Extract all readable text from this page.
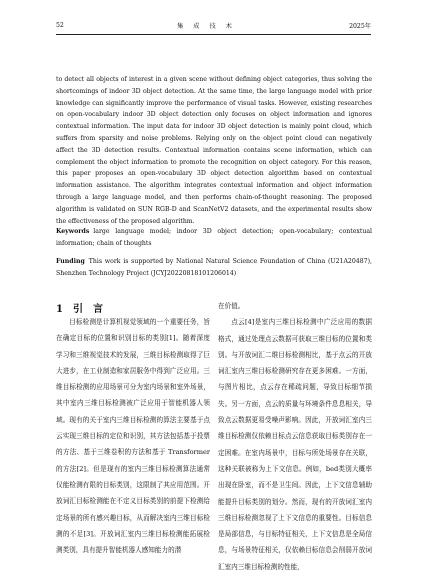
52	集 成 技 术	2025年
to detect all objects of interest in a given scene without defining object categories, thus solving the shortcomings of indoor 3D object detection. At the same time, the large language model with prior knowledge can significantly improve the performance of visual tasks. However, existing researches on open-vocabulary indoor 3D object detection only focuses on object information and ignores contextual information. The input data for indoor 3D object detection is mainly point cloud, which suffers from sparsity and noise problems. Relying only on the object point cloud can negatively affect the 3D detection results. Contextual information contains scene information, which can complement the object information to promote the recognition on object category. For this reason, this paper proposes an open-vocabulary 3D object detection algorithm based on contextual information assistance. The algorithm integrates contextual information and object information through a large language model, and then performs chain-of-thought reasoning. The proposed algorithm is validated on SUN RGB-D and ScanNetV2 datasets, and the experimental results show the effectiveness of the proposed algorithm.
Keywords large language model; indoor 3D object detection; open-vocabulary; contextual information; chain of thoughts
Funding This work is supported by National Natural Science Foundation of China (U21A20487), Shenzhen Technology Project (JCYJ20220818101206014)
1 引　言

目标检测是计算机视觉领域的一个重要任务，旨在确定目标的位置和识别目标的类别[1]。随着深度学习和三维视觉技术的发展，三维目标检测取得了巨大进步，在工业制造和家居服务中得到广泛应用。三维目标检测的应用场景可分为室内场景和室外场景，其中室内三维目标检测被广泛应用于智能机器人领域。现有的关于室内三维目标检测的算法主要基于点云实现三维目标的定位和识别，其方法包括基于投票的方法、基于三维卷积的方法和基于 Transformer 的方法[2]。但是现有的室内三维目标检测算法通常仅能检测有限的目标类别，这限制了其应用范围。开放词汇目标检测能在不定义目标类别的前提下检测给定场景的所有感兴趣目标，从而解决室内三维目标检测的不足[3]。开放词汇室内三维目标检测能拓展检测类别，具有提升智能机器人感知能力的潜

在价值。

点云[4]是室内三维目标检测中广泛应用的数据格式，通过处理点云数据可获取三维目标的位置和类别。与开放词汇二维目标检测相比，基于点云的开放词汇室内三维目标检测研究存在更多困难。一方面，与图片相比，点云存在稀疏问题，导致目标细节损失。另一方面，点云的质量与环境条件息息相关，导致点云数据更易受噪声影响。因此，开放词汇室内三维目标检测仅依赖目标点云信息获取目标类别存在一定困难。在室内场景中，目标与所处场景存在关联，这种关联被称为上下文信息。例如，bed类别大概率出现在卧室，而不是卫生间。因此，上下文信息辅助能提升目标类别的划分。然而，现有的开放词汇室内三维目标检测忽视了上下文信息的重要性。目标信息是局部信息，与目标特征相关，上下文信息是全局信息，与场景特征相关，仅依赖目标信息会削弱开放词汇室内三维目标检测的性能，
